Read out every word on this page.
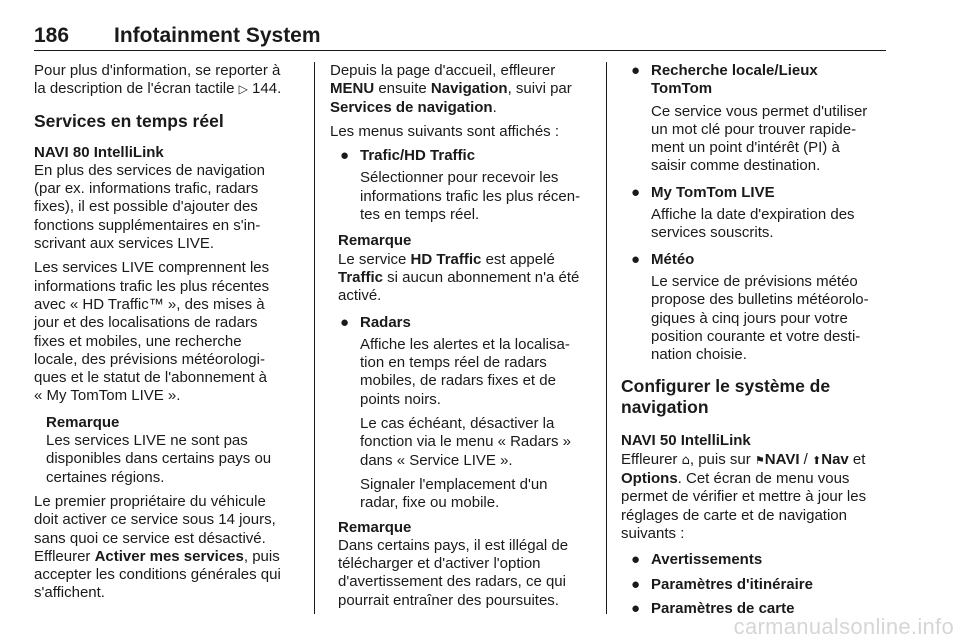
186 Infotainment System

Pour plus d'information, se reporter à

la description de l'écran tactile ▷ 144.

Services en temps réel

NAVI 80 IntelliLink

En plus des services de navigation

(par ex. informations trafic, radars

fixes), il est possible d'ajouter des

fonctions supplémentaires en s'in-

scrivant aux services LIVE.

Les services LIVE comprennent les

informations trafic les plus récentes

avec « HD Traffic™ », des mises à

jour et des localisations de radars

fixes et mobiles, une recherche

locale, des prévisions météorologi-

ques et le statut de l'abonnement à

« My TomTom LIVE ».

Remarque

Les services LIVE ne sont pas

disponibles dans certains pays ou

certaines régions.

Le premier propriétaire du véhicule

doit activer ce service sous 14 jours,

sans quoi ce service est désactivé.

Effleurer Activer mes services, puis

accepter les conditions générales qui

s'affichent.

Depuis la page d'accueil, effleurer

MENU ensuite Navigation, suivi par

Services de navigation.

Les menus suivants sont affichés :

● Trafic/HD Traffic

Sélectionner pour recevoir les

informations trafic les plus récen-

tes en temps réel.

Remarque

Le service HD Traffic est appelé

Traffic si aucun abonnement n'a été

activé.

● Radars

Affiche les alertes et la localisa-

tion en temps réel de radars

mobiles, de radars fixes et de

points noirs.

Le cas échéant, désactiver la

fonction via le menu « Radars »

dans « Service LIVE ».

Signaler l'emplacement d'un

radar, fixe ou mobile.

Remarque

Dans certains pays, il est illégal de

télécharger et d'activer l'option

d'avertissement des radars, ce qui

pourrait entraîner des poursuites.

● Recherche locale/Lieux

TomTom

Ce service vous permet d'utiliser

un mot clé pour trouver rapide-

ment un point d'intérêt (PI) à

saisir comme destination.

● My TomTom LIVE

Affiche la date d'expiration des

services souscrits.

● Météo

Le service de prévisions météo

propose des bulletins météorolo-

giques à cinq jours pour votre

position courante et votre desti-

nation choisie.

Configurer le système de

navigation

NAVI 50 IntelliLink

Effleurer ⌂, puis sur ⚑NAVI / ⬆Nav et

Options. Cet écran de menu vous

permet de vérifier et mettre à jour les

réglages de carte et de navigation

suivants :

● Avertissements

● Paramètres d'itinéraire

● Paramètres de carte

carmanualsonline.info
